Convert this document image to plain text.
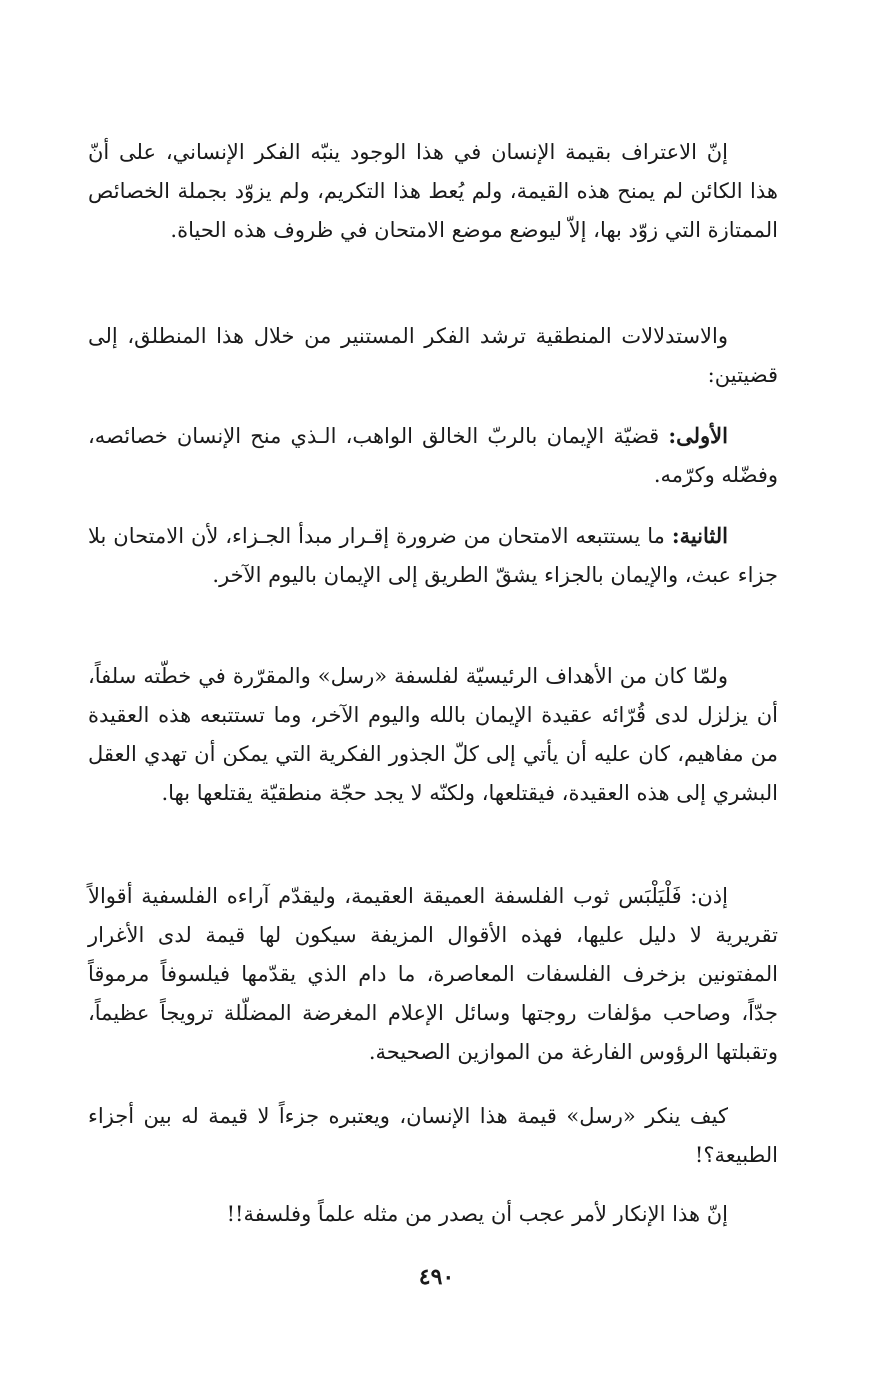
إنّ الاعتراف بقيمة الإنسان في هذا الوجود ينبّه الفكر الإنساني، على أنّ هذا الكائن لم يمنح هذه القيمة، ولم يُعط هذا التكريم، ولم يزوّد بجملة الخصائص الممتازة التي زوّد بها، إلاّ ليوضع موضع الامتحان في ظروف هذه الحياة.

والاستدلالات المنطقية ترشد الفكر المستنير من خلال هذا المنطلق، إلى قضيتين:

الأولى: قضيّة الإيمان بالربّ الخالق الواهب، الـذي منح الإنسان خصائصه، وفضّله وكرّمه.

الثانية: ما يستتبعه الامتحان من ضرورة إقـرار مبدأ الجـزاء، لأن الامتحان بلا جزاء عبث، والإيمان بالجزاء يشقّ الطريق إلى الإيمان باليوم الآخر.

ولمّا كان من الأهداف الرئيسيّة لفلسفة «رسل» والمقرّرة في خطّته سلفاً، أن يزلزل لدى قُرّائه عقيدة الإيمان بالله واليوم الآخر، وما تستتبعه هذه العقيدة من مفاهيم، كان عليه أن يأتي إلى كلّ الجذور الفكرية التي يمكن أن تهدي العقل البشري إلى هذه العقيدة، فيقتلعها، ولكنّه لا يجد حجّة منطقيّة يقتلعها بها.

إذن: فَلْيَلْبَس ثوب الفلسفة العميقة العقيمة، وليقدّم آراءه الفلسفية أقوالاً تقريرية لا دليل عليها، فهذه الأقوال المزيفة سيكون لها قيمة لدى الأغرار المفتونين بزخرف الفلسفات المعاصرة، ما دام الذي يقدّمها فيلسوفاً مرموقاً جدّاً، وصاحب مؤلفات روجتها وسائل الإعلام المغرضة المضلّلة ترويجاً عظيماً، وتقبلتها الرؤوس الفارغة من الموازين الصحيحة.

كيف ينكر «رسل» قيمة هذا الإنسان، ويعتبره جزءاً لا قيمة له بين أجزاء الطبيعة؟!

إنّ هذا الإنكار لأمر عجب أن يصدر من مثله علماً وفلسفة!!

٤٩٠
